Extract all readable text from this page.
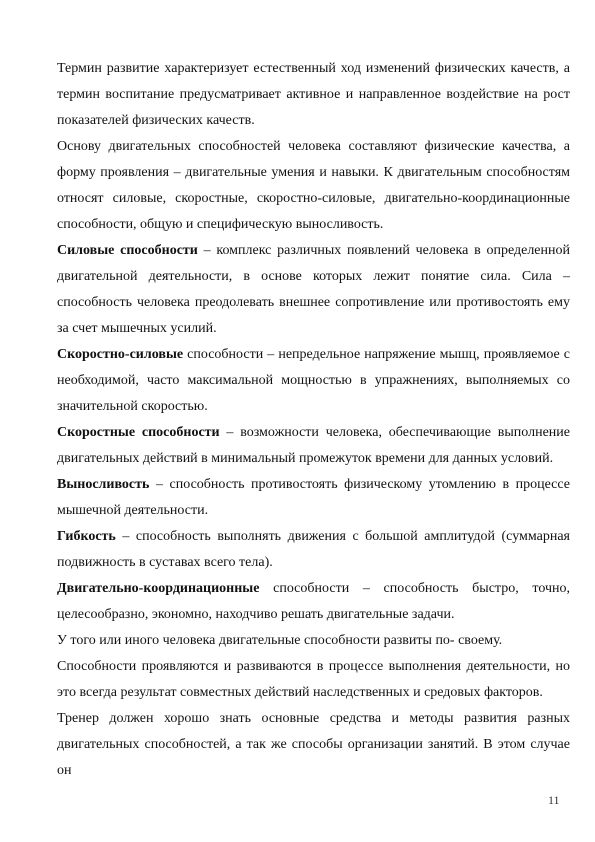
Термин развитие характеризует естественный ход изменений физических качеств, а термин воспитание предусматривает активное и направленное воздействие на рост показателей физических качеств.

Основу двигательных способностей человека составляют физические качества, а форму проявления – двигательные умения и навыки. К двигательным способностям относят силовые, скоростные, скоростно-силовые, двигательно-координационные способности, общую и специфическую выносливость.

Силовые способности – комплекс различных появлений человека в определенной двигательной деятельности, в основе которых лежит понятие сила. Сила – способность человека преодолевать внешнее сопротивление или противостоять ему за счет мышечных усилий.

Скоростно-силовые способности – непредельное напряжение мышц, проявляемое с необходимой, часто максимальной мощностью в упражнениях, выполняемых со значительной скоростью.

Скоростные способности – возможности человека, обеспечивающие выполнение двигательных действий в минимальный промежуток времени для данных условий.

Выносливость – способность противостоять физическому утомлению в процессе мышечной деятельности.

Гибкость – способность выполнять движения с большой амплитудой (суммарная подвижность в суставах всего тела).

Двигательно-координационные способности – способность быстро, точно, целесообразно, экономно, находчиво решать двигательные задачи.

У того или иного человека двигательные способности развиты по- своему.

Способности проявляются и развиваются в процессе выполнения деятельности, но это всегда результат совместных действий наследственных и средовых факторов.

Тренер должен хорошо знать основные средства и методы развития разных двигательных способностей, а так же способы организации занятий. В этом случае он

11
